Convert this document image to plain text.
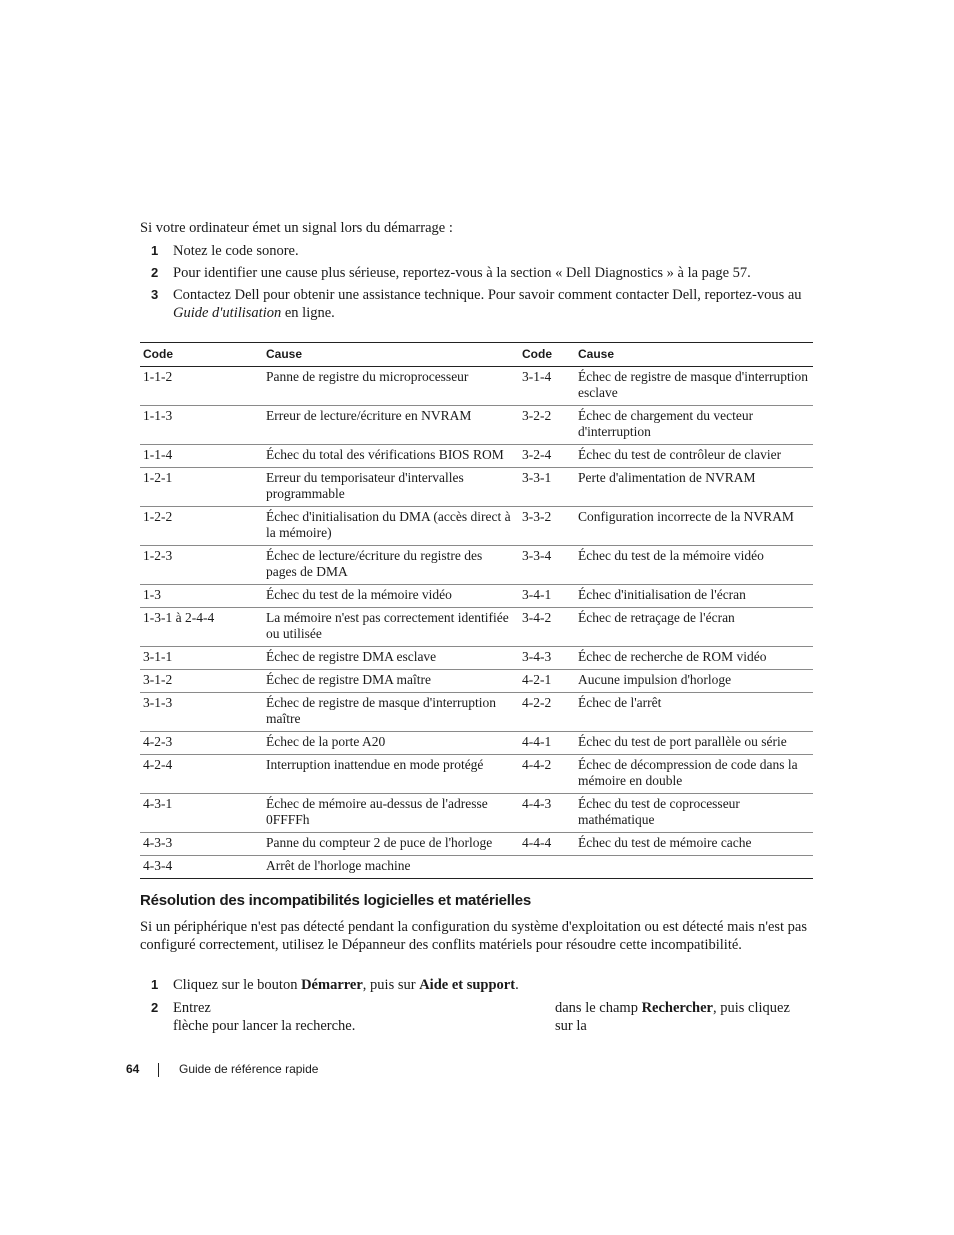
Si votre ordinateur émet un signal lors du démarrage :
1 Notez le code sonore.
2 Pour identifier une cause plus sérieuse, reportez-vous à la section « Dell Diagnostics » à la page 57.
3 Contactez Dell pour obtenir une assistance technique. Pour savoir comment contacter Dell, reportez-vous au Guide d'utilisation en ligne.
Code	Cause	Code	Cause
1-1-2	Panne de registre du microprocesseur	3-1-4	Échec de registre de masque d'interruption esclave
1-1-3	Erreur de lecture/écriture en NVRAM	3-2-2	Échec de chargement du vecteur d'interruption
1-1-4	Échec du total des vérifications BIOS ROM	3-2-4	Échec du test de contrôleur de clavier
1-2-1	Erreur du temporisateur d'intervalles programmable	3-3-1	Perte d'alimentation de NVRAM
1-2-2	Échec d'initialisation du DMA (accès direct à la mémoire)	3-3-2	Configuration incorrecte de la NVRAM
1-2-3	Échec de lecture/écriture du registre des pages de DMA	3-3-4	Échec du test de la mémoire vidéo
1-3	Échec du test de la mémoire vidéo	3-4-1	Échec d'initialisation de l'écran
1-3-1 à 2-4-4	La mémoire n'est pas correctement identifiée ou utilisée	3-4-2	Échec de retraçage de l'écran
3-1-1	Échec de registre DMA esclave	3-4-3	Échec de recherche de ROM vidéo
3-1-2	Échec de registre DMA maître	4-2-1	Aucune impulsion d'horloge
3-1-3	Échec de registre de masque d'interruption maître	4-2-2	Échec de l'arrêt
4-2-3	Échec de la porte A20	4-4-1	Échec du test de port parallèle ou série
4-2-4	Interruption inattendue en mode protégé	4-4-2	Échec de décompression de code dans la mémoire en double
4-3-1	Échec de mémoire au-dessus de l'adresse 0FFFFh	4-4-3	Échec du test de coprocesseur mathématique
4-3-3	Panne du compteur 2 de puce de l'horloge	4-4-4	Échec du test de mémoire cache
4-3-4	Arrêt de l'horloge machine		
Résolution des incompatibilités logicielles et matérielles
Si un périphérique n'est pas détecté pendant la configuration du système d'exploitation ou est détecté mais n'est pas configuré correctement, utilisez le Dépanneur des conflits matériels pour résoudre cette incompatibilité.
1 Cliquez sur le bouton Démarrer, puis sur Aide et support.
2 Entrez	dans le champ Rechercher, puis cliquez sur la

flèche pour lancer la recherche.
64	Guide de référence rapide
